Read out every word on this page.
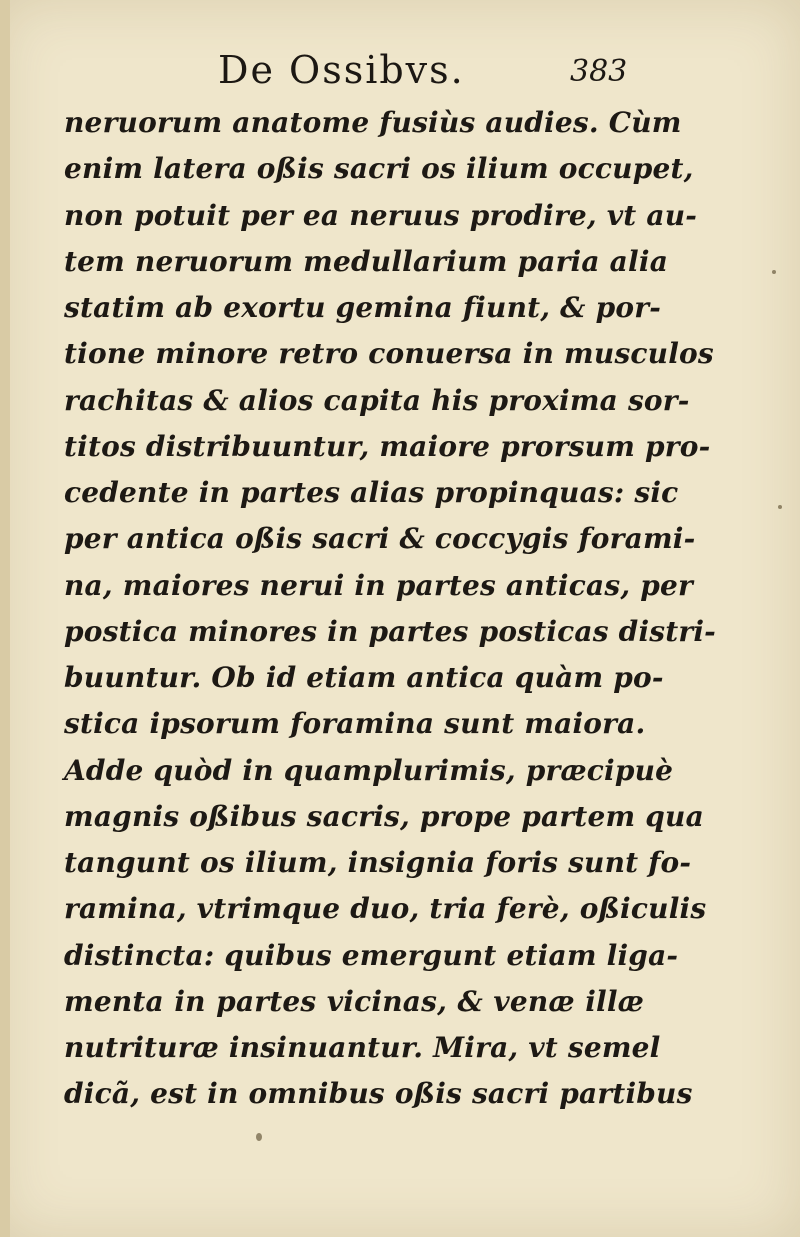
De Ossibvs.	383
neruorum anatome fusiùs audies. Cùm
enim latera oßis sacri os ilium occupet,
non potuit per ea neruus prodire, vt au-
tem neruorum medullarium paria alia
statim ab exortu gemina fiunt, & por-
tione minore retro conuersa in musculos
rachitas & alios capita his proxima sor-
titos distribuuntur, maiore prorsum pro-
cedente in partes alias propinquas: sic
per antica oßis sacri & coccygis forami-
na, maiores nerui in partes anticas, per
postica minores in partes posticas distri-
buuntur. Ob id etiam antica quàm po-
stica ipsorum foramina sunt maiora.
Adde quòd in quamplurimis, præcipuè
magnis oßibus sacris, prope partem qua
tangunt os ilium, insignia foris sunt fo-
ramina, vtrimque duo, tria ferè, oßiculis
distincta: quibus emergunt etiam liga-
menta in partes vicinas, & venæ illæ
nutrituræ insinuantur. Mira, vt semel
dicã, est in omnibus oßis sacri partibus
